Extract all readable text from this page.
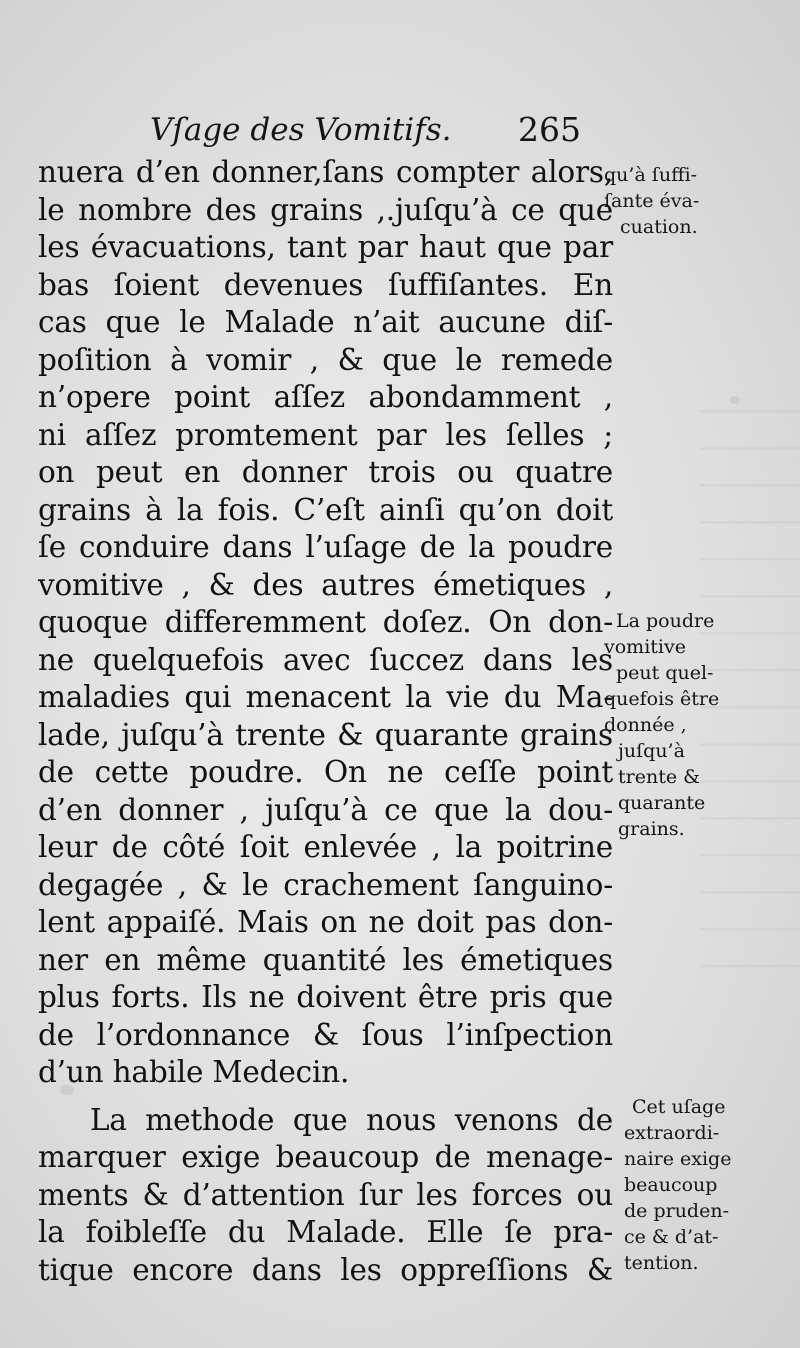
Vſage des Vomitifs. 265
nuera d’en donner,ſans compter alors,
le nombre des grains ,.juſqu’à ce que
les évacuations, tant par haut que par
bas ſoient devenues ſuffiſantes. En
cas que le Malade n’ait aucune diſ-
poſition à vomir , & que le remede
n’opere point aſſez abondamment ,
ni aſſez promtement par les ſelles ;
on peut en donner trois ou quatre
grains à la fois. C’eſt ainſi qu’on doit
ſe conduire dans l’uſage de la poudre
vomitive , & des autres émetiques ,
quoque differemment doſez. On don-
ne quelquefois avec ſuccez dans les
maladies qui menacent la vie du Ma-
lade, juſqu’à trente & quarante grains
de cette poudre. On ne ceſſe point
d’en donner , juſqu’à ce que la dou-
leur de côté ſoit enlevée , la poitrine
degagée , & le crachement ſanguino-
lent appaiſé. Mais on ne doit pas don-
ner en même quantité les émetiques
plus forts. Ils ne doivent être pris que
de l’ordonnance & ſous l’inſpection
d’un habile Medecin.
La methode que nous venons de
marquer exige beaucoup de menage-
ments & d’attention ſur les forces ou
la foibleſſe du Malade. Elle ſe pra-
tique encore dans les oppreſſions &
qu’à ſuffi-
ſante éva-
cuation.
La poudre
vomitive
peut quel-
quefois être
donnée ,
juſqu’à
trente &
quarante
grains.
Cet uſage
extraordi-
naire exige
beaucoup
de pruden-
ce & d’at-
tention.
